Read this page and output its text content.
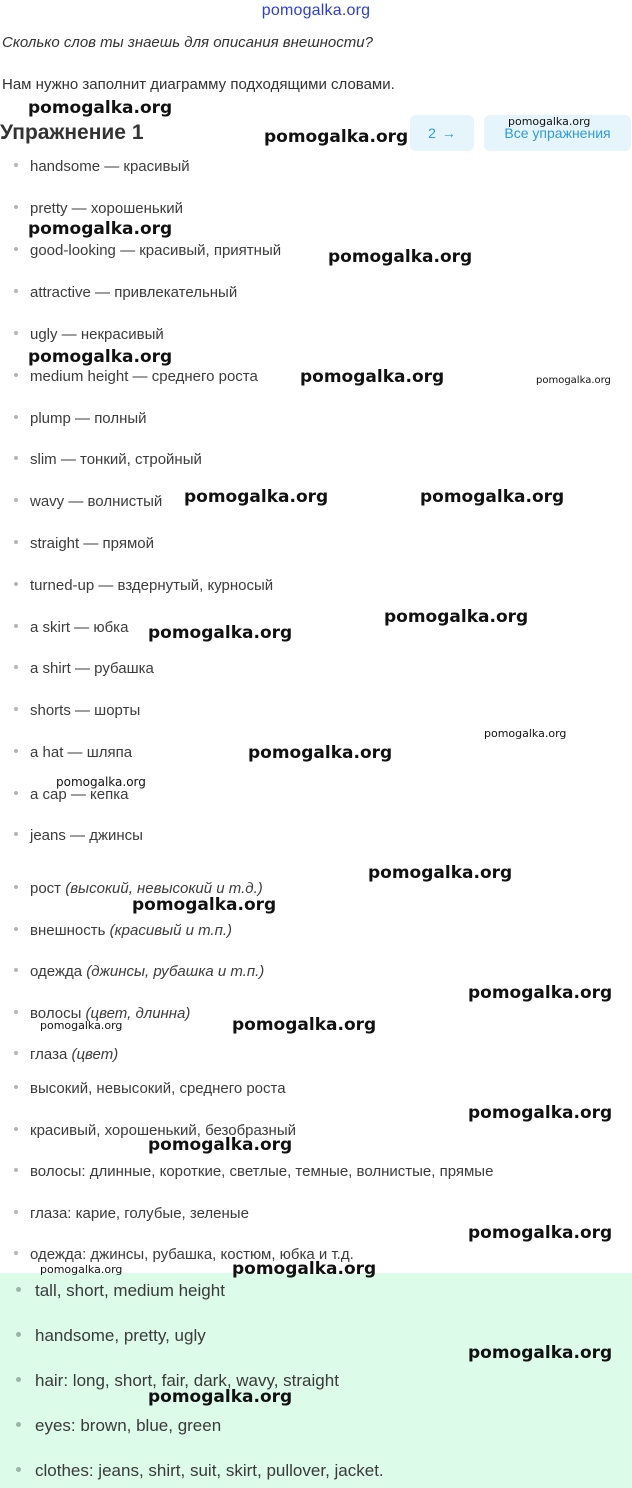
pomogalka.org
Сколько слов ты знаешь для описания внешности?
Нам нужно заполнит диаграмму подходящими словами.
Упражнение 1	2 →	Все упражнения
handsome — красивый
pretty — хорошенький
good-looking — красивый, приятный
attractive — привлекательный
ugly — некрасивый
medium height — среднего роста
plump — полный
slim — тонкий, стройный
wavy — волнистый
straight — прямой
turned-up — вздернутый, курносый
a skirt — юбка
a shirt — рубашка
shorts — шорты
a hat — шляпа
a cap — кепка
jeans — джинсы
рост (высокий, невысокий и т.д.)
внешность (красивый и т.п.)
одежда (джинсы, рубашка и т.п.)
волосы (цвет, длинна)
глаза (цвет)
высокий, невысокий, среднего роста
красивый, хорошенький, безобразный
волосы: длинные, короткие, светлые, темные, волнистые, прямые
глаза: карие, голубые, зеленые
одежда: джинсы, рубашка, костюм, юбка и т.д.
tall, short, medium height
handsome, pretty, ugly
hair: long, short, fair, dark, wavy, straight
eyes: brown, blue, green
clothes: jeans, shirt, suit, skirt, pullover, jacket.
pomogalka.org
pomogalka.org
pomogalka.org
pomogalka.org
pomogalka.org
pomogalka.org
pomogalka.org	pomogalka.org
pomogalka.org	pomogalka.org
pomogalka.org
pomogalka.org
pomogalka.org
pomogalka.org
pomogalka.org
pomogalka.org
pomogalka.org
pomogalka.org
pomogalka.org	pomogalka.org
pomogalka.org
pomogalka.org
pomogalka.org
pomogalka.org	pomogalka.org
pomogalka.org
pomogalka.org
